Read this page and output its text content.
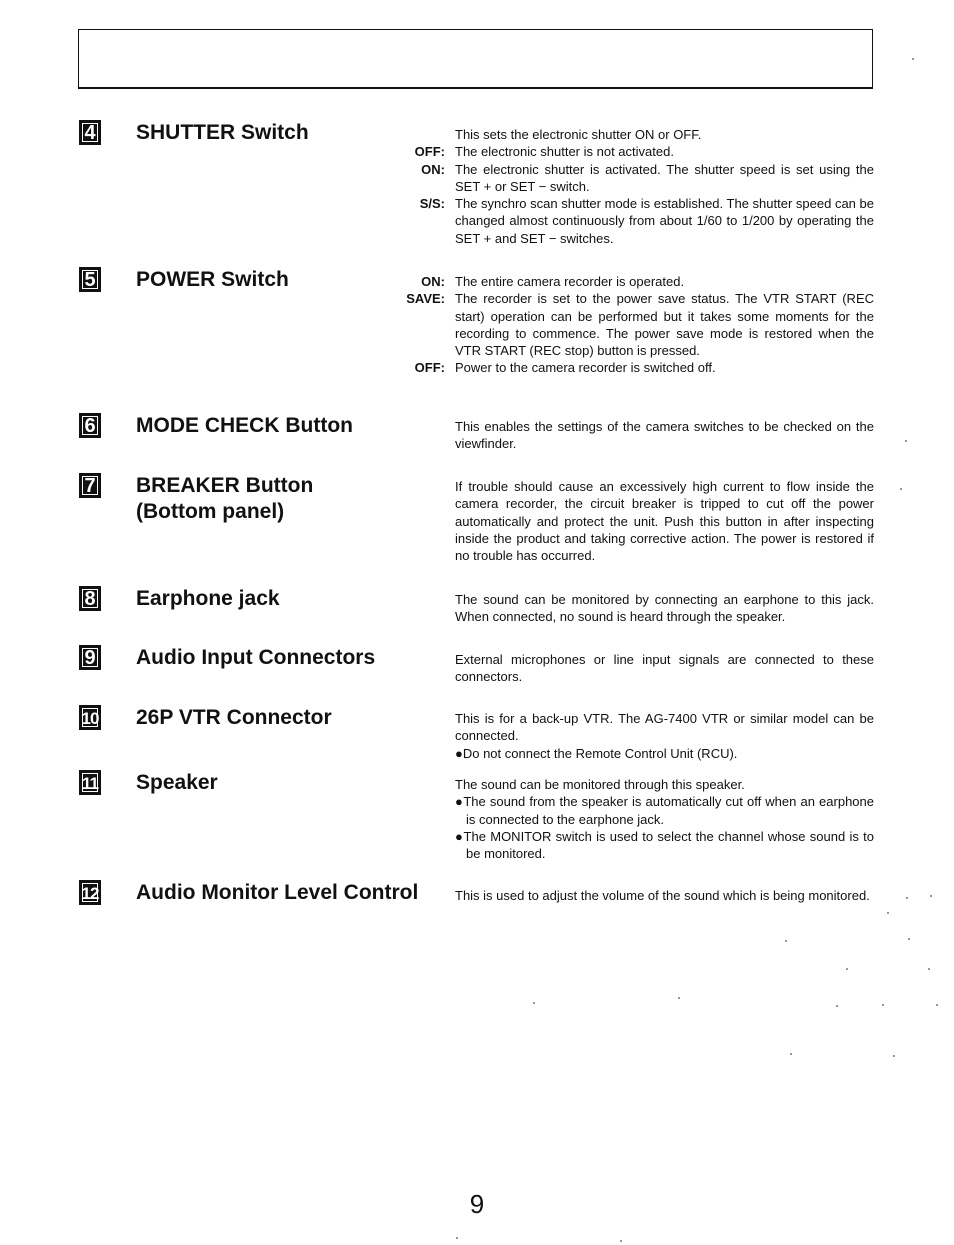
4 SHUTTER Switch	This sets the electronic shutter ON or OFF.

OFF: The electronic shutter is not activated.

ON: The electronic shutter is activated. The shutter speed is set using the SET + or SET − switch.

S/S: The synchro scan shutter mode is established. The shutter speed can be changed almost continuously from about 1/60 to 1/200 by operating the SET + and SET − switches.

5 POWER Switch	ON: The entire camera recorder is operated.

SAVE: The recorder is set to the power save status. The VTR START (REC start) operation can be performed but it takes some moments for the recording to commence. The power save mode is restored when the VTR START (REC stop) button is pressed.

OFF: Power to the camera recorder is switched off.

6 MODE CHECK Button	This enables the settings of the camera switches to be checked on the viewfinder.

7 BREAKER Button
(Bottom panel)

If trouble should cause an excessively high current to flow inside the camera recorder, the circuit breaker is tripped to cut off the power automatically and protect the unit. Push this button in after inspecting inside the product and taking corrective action. The power is restored if no trouble has occurred.

8 Earphone jack	The sound can be monitored by connecting an earphone to this jack. When connected, no sound is heard through the speaker.

9 Audio Input Connectors	External microphones or line input signals are connected to these connectors.

10 26P VTR Connector	This is for a back-up VTR. The AG-7400 VTR or similar model can be connected.

●Do not connect the Remote Control Unit (RCU).

11 Speaker	The sound can be monitored through this speaker.

●The sound from the speaker is automatically cut off when an earphone is connected to the earphone jack.

●The MONITOR switch is used to select the channel whose sound is to be monitored.

12 Audio Monitor Level Control	This is used to adjust the volume of the sound which is being monitored.

9
